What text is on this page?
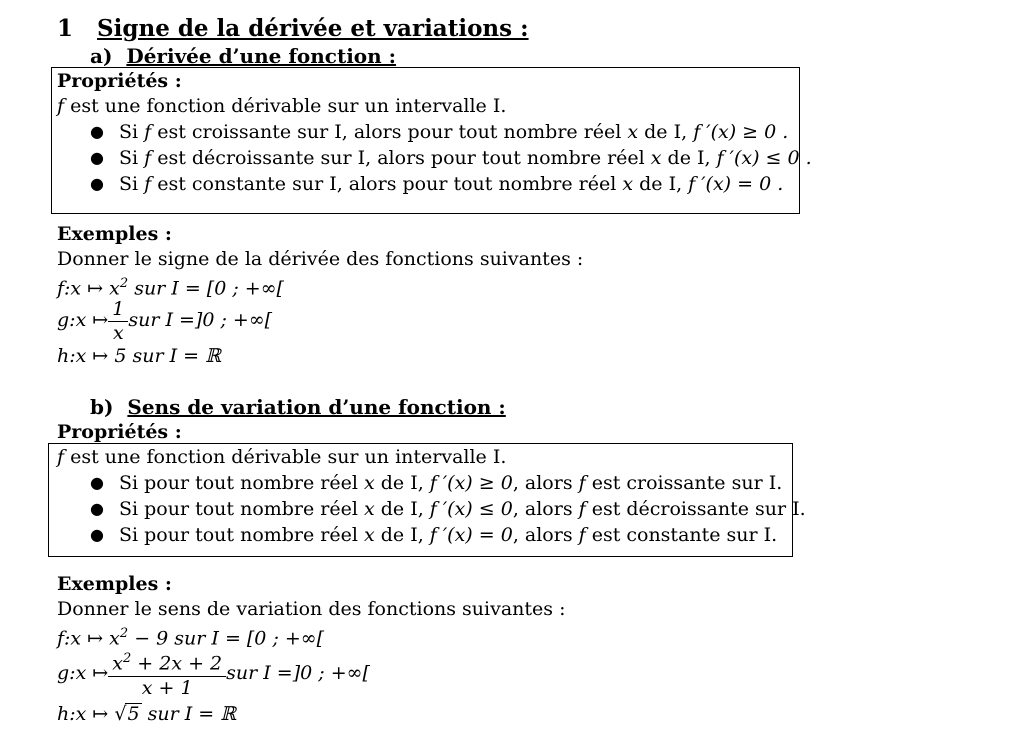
1 Signe de la dérivée et variations :
a) Dérivée d’une fonction :
Propriétés :
f est une fonction dérivable sur un intervalle I.
● Si f est croissante sur I, alors pour tout nombre réel x de I, f ′(x) ≥ 0 .
● Si f est décroissante sur I, alors pour tout nombre réel x de I, f ′(x) ≤ 0 .
● Si f est constante sur I, alors pour tout nombre réel x de I, f ′(x) = 0 .
Exemples :
Donner le signe de la dérivée des fonctions suivantes :
f:x ↦ $x^2$ sur I = [0 ; +∞[
g:x ↦ $\frac{1}{x}$ sur I =]0 ; +∞[
h:x ↦ 5 sur I = ℝ
b) Sens de variation d’une fonction :
Propriétés :
f est une fonction dérivable sur un intervalle I.
● Si pour tout nombre réel x de I, f ′(x) ≥ 0, alors f est croissante sur I.
● Si pour tout nombre réel x de I, f ′(x) ≤ 0, alors f est décroissante sur I.
● Si pour tout nombre réel x de I, f ′(x) = 0, alors f est constante sur I.
Exemples :
Donner le sens de variation des fonctions suivantes :
f:x ↦ $x^2 - 9$ sur I = [0 ; +∞[
g:x ↦ $\frac{x^2 + 2x + 2}{x + 1}$ sur I =]0 ; +∞[
h:x ↦ √5 sur I = ℝ
